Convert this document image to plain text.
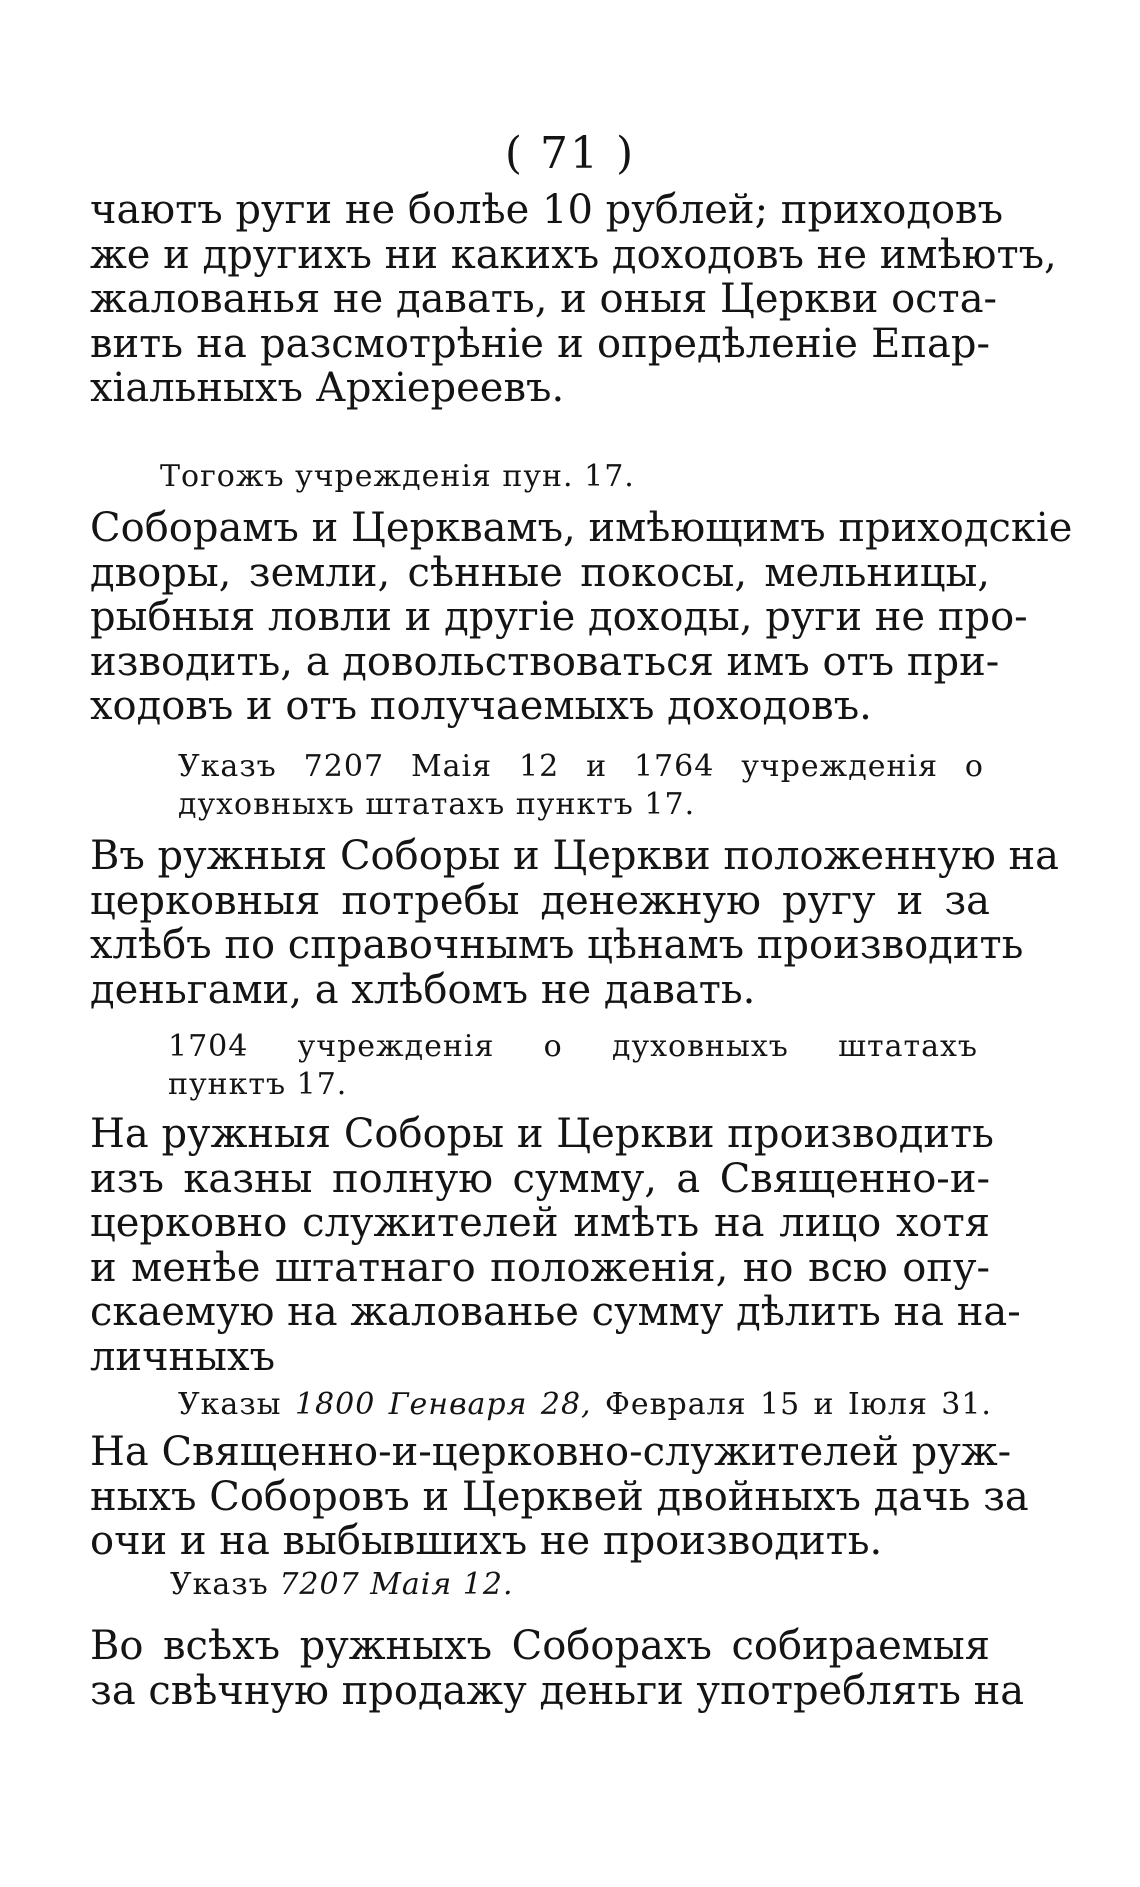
( 71 )
чаютъ руги не болѣе 10 рублей; приходовъ
же и другихъ ни какихъ доходовъ не имѣютъ,
жалованья не давать, и оныя Церкви оста-
вить на разсмотрѣніе и опредѣленіе Епар-
хіальныхъ Архіереевъ.
Тогожъ учрежденія пун. 17.
Соборамъ и Церквамъ, имѣющимъ приходскіе
дворы, земли, сѣнные покосы, мельницы,
рыбныя ловли и другіе доходы, руги не про-
изводить, а довольствоваться имъ отъ при-
ходовъ и отъ получаемыхъ доходовъ.
Указъ 7207 Маія 12 и 1764 учрежденія о
духовныхъ штатахъ пунктъ 17.
Въ ружныя Соборы и Церкви положенную на
церковныя потребы денежную ругу и за
хлѣбъ по справочнымъ цѣнамъ производить
деньгами, а хлѣбомъ не давать.
1704 учрежденія о духовныхъ штатахъ
пунктъ 17.
На ружныя Соборы и Церкви производить
изъ казны полную сумму, а Священно-и-
церковно служителей имѣть на лицо хотя
и менѣе штатнаго положенія, но всю опу-
скаемую на жалованье сумму дѣлить на на-
личныхъ
Указы 1800 Генваря 28, Февраля 15 и Іюля 31.
На Священно-и-церковно-служителей руж-
ныхъ Соборовъ и Церквей двойныхъ дачь за
очи и на выбывшихъ не производить.
Указъ 7207 Маія 12.
Во всѣхъ ружныхъ Соборахъ собираемыя
за свѣчную продажу деньги употреблять на
